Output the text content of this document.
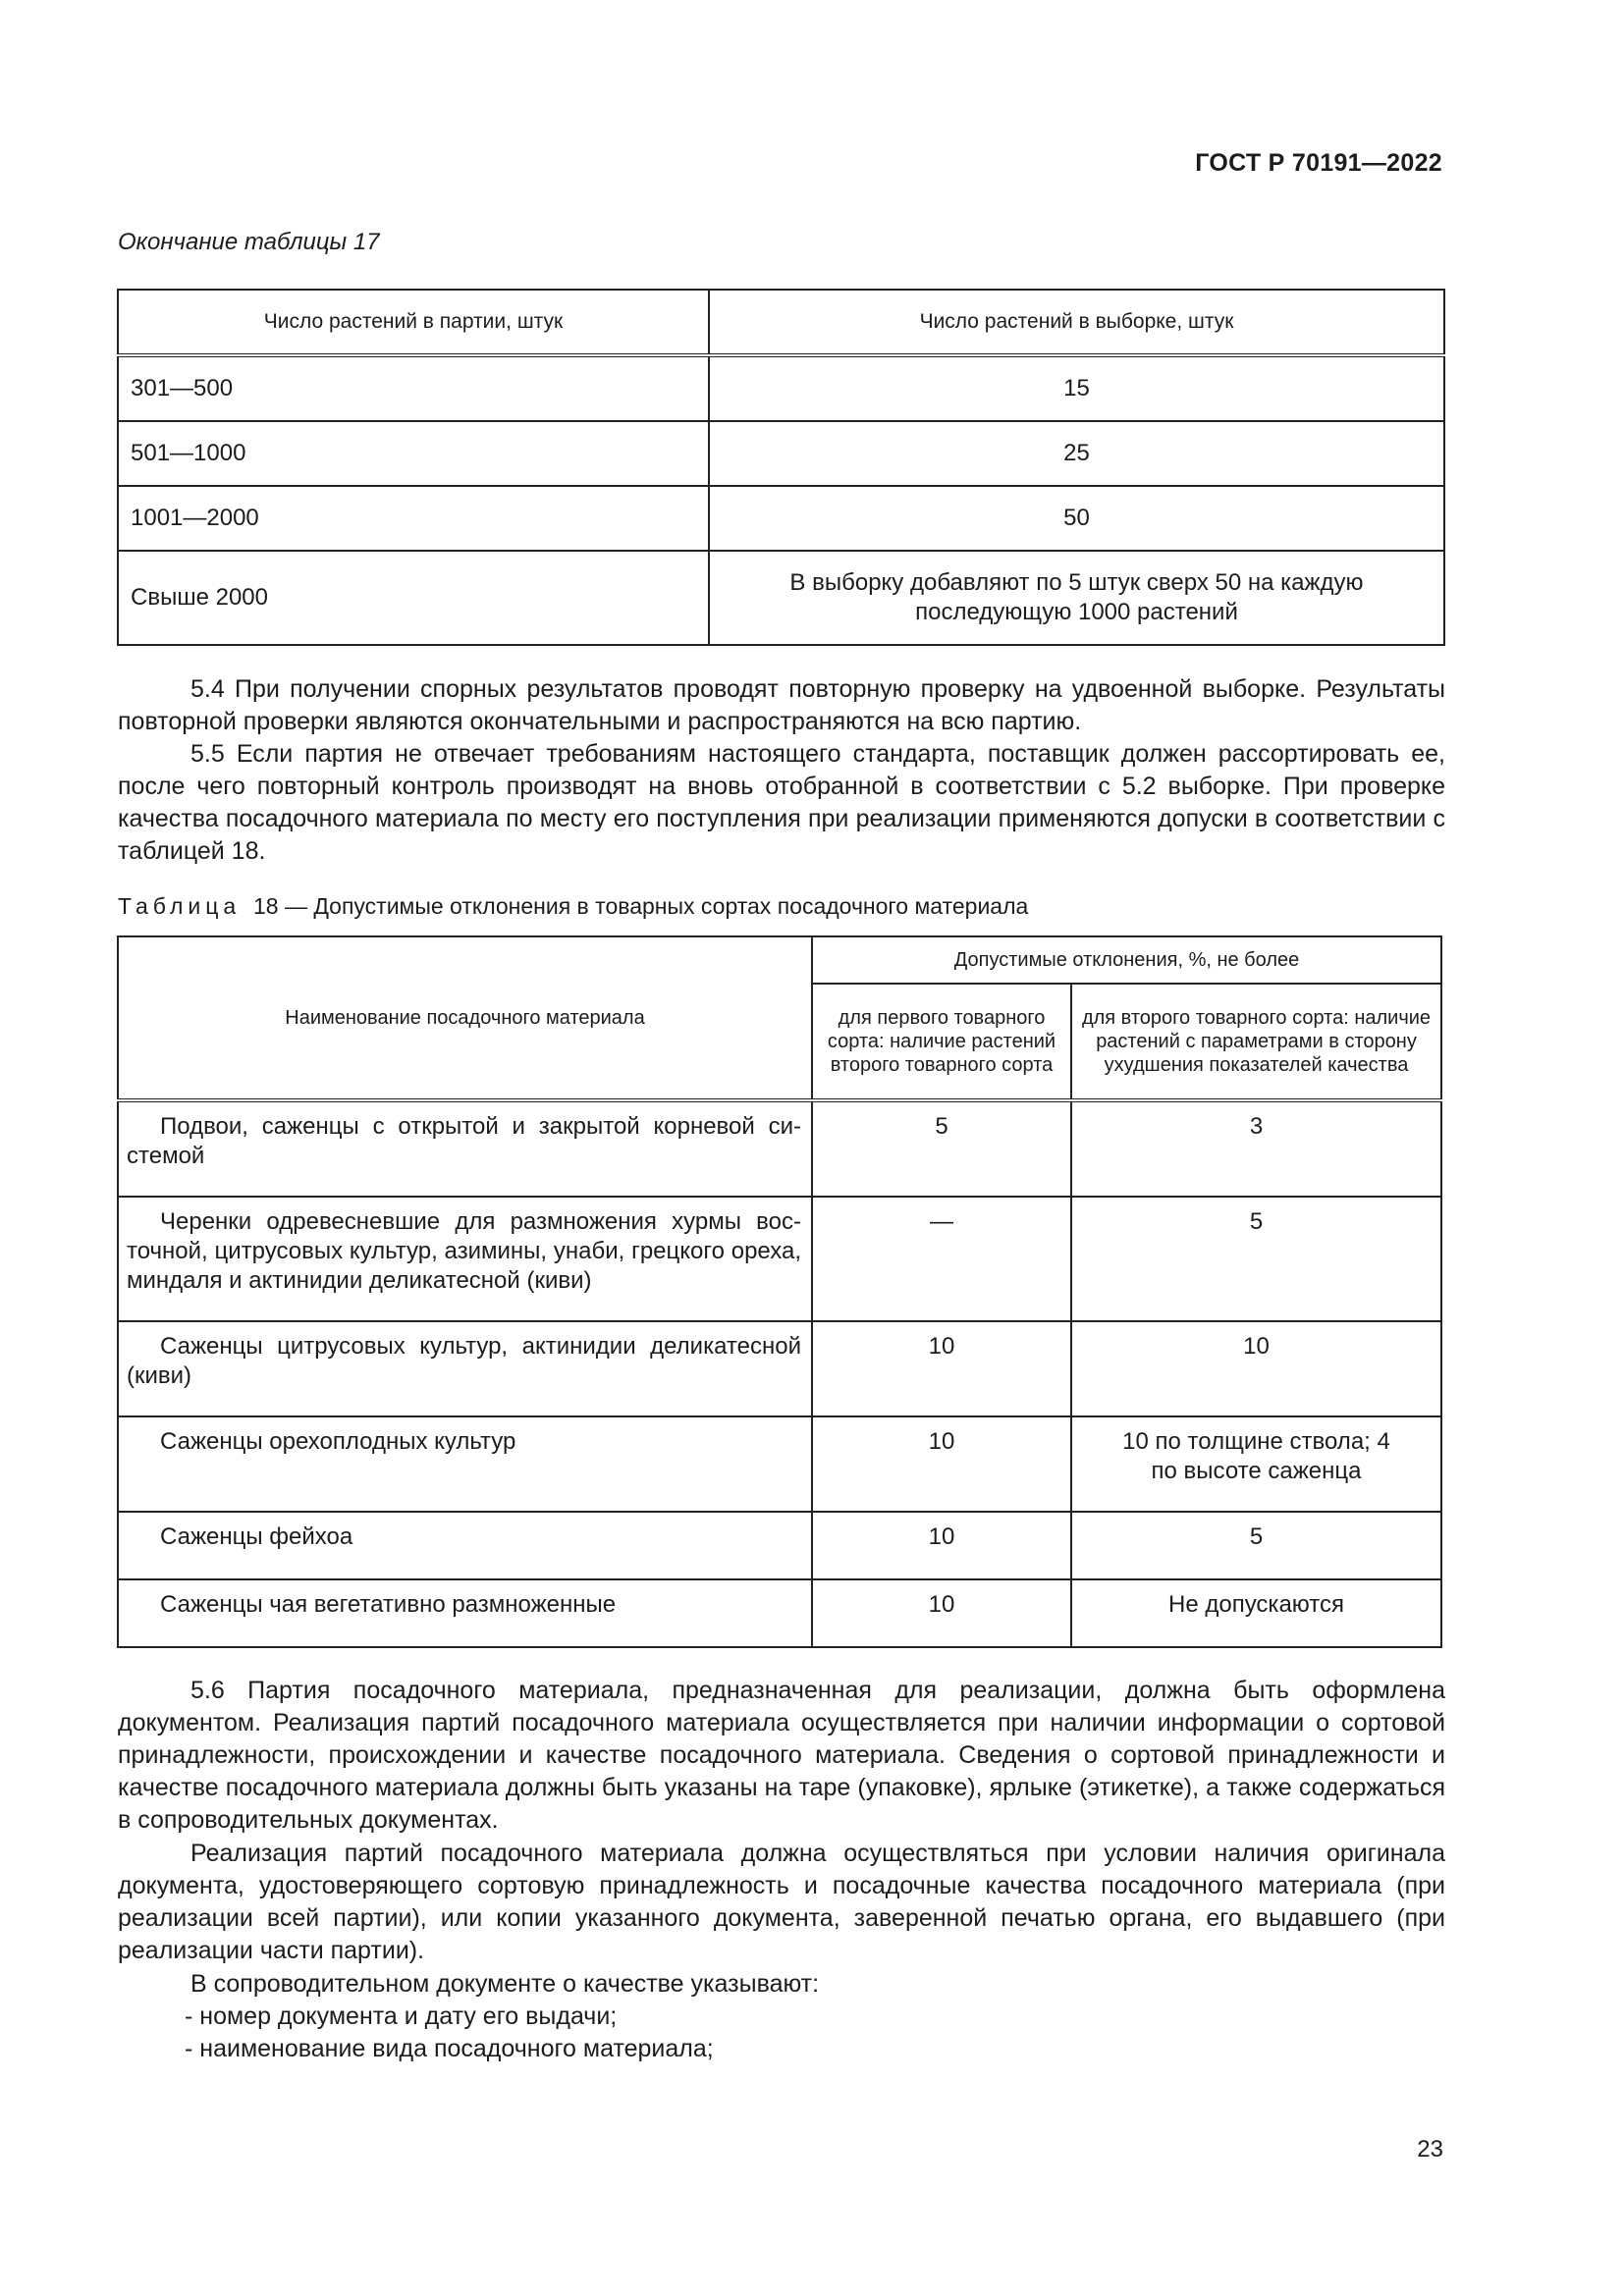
ГОСТ Р 70191—2022
Окончание таблицы 17
Число растений в партии, штук	Число растений в выборке, штук
301—500	15
501—1000	25
1001—2000	50
Свыше 2000	В выборку добавляют по 5 штук сверх 50 на каждую последующую 1000 растений
5.4 При получении спорных результатов проводят повторную проверку на удвоенной выборке. Результаты повторной проверки являются окончательными и распространяются на всю партию.
5.5 Если партия не отвечает требованиям настоящего стандарта, поставщик должен рассортировать ее, после чего повторный контроль производят на вновь отобранной в соответствии с 5.2 выборке. При проверке качества посадочного материала по месту его поступления при реализации применяются допуски в соответствии с таблицей 18.
Таблица 18 — Допустимые отклонения в товарных сортах посадочного материала
Наименование посадочного материала	Допустимые отклонения, %, не более	
	для первого товарного сорта: наличие растений второго товарного сорта	для второго товарного сорта: наличие растений с параметрами в сторону ухудшения показателей качества
Подвои, саженцы с открытой и закрытой корневой системой	5	3
Черенки одревесневшие для размножения хурмы восточной, цитрусовых культур, азимины, унаби, грецкого ореха, миндаля и актинидии деликатесной (киви)	—	5
Саженцы цитрусовых культур, актинидии деликатесной (киви)	10	10
Саженцы орехоплодных культур	10	10 по толщине ствола; 4 по высоте саженца
Саженцы фейхоа	10	5
Саженцы чая вегетативно размноженные	10	Не допускаются
5.6 Партия посадочного материала, предназначенная для реализации, должна быть оформлена документом. Реализация партий посадочного материала осуществляется при наличии информации о сортовой принадлежности, происхождении и качестве посадочного материала. Сведения о сортовой принадлежности и качестве посадочного материала должны быть указаны на таре (упаковке), ярлыке (этикетке), а также содержаться в сопроводительных документах.
Реализация партий посадочного материала должна осуществляться при условии наличия оригинала документа, удостоверяющего сортовую принадлежность и посадочные качества посадочного материала (при реализации всей партии), или копии указанного документа, заверенной печатью органа, его выдавшего (при реализации части партии).
В сопроводительном документе о качестве указывают:
- номер документа и дату его выдачи;
- наименование вида посадочного материала;
23
